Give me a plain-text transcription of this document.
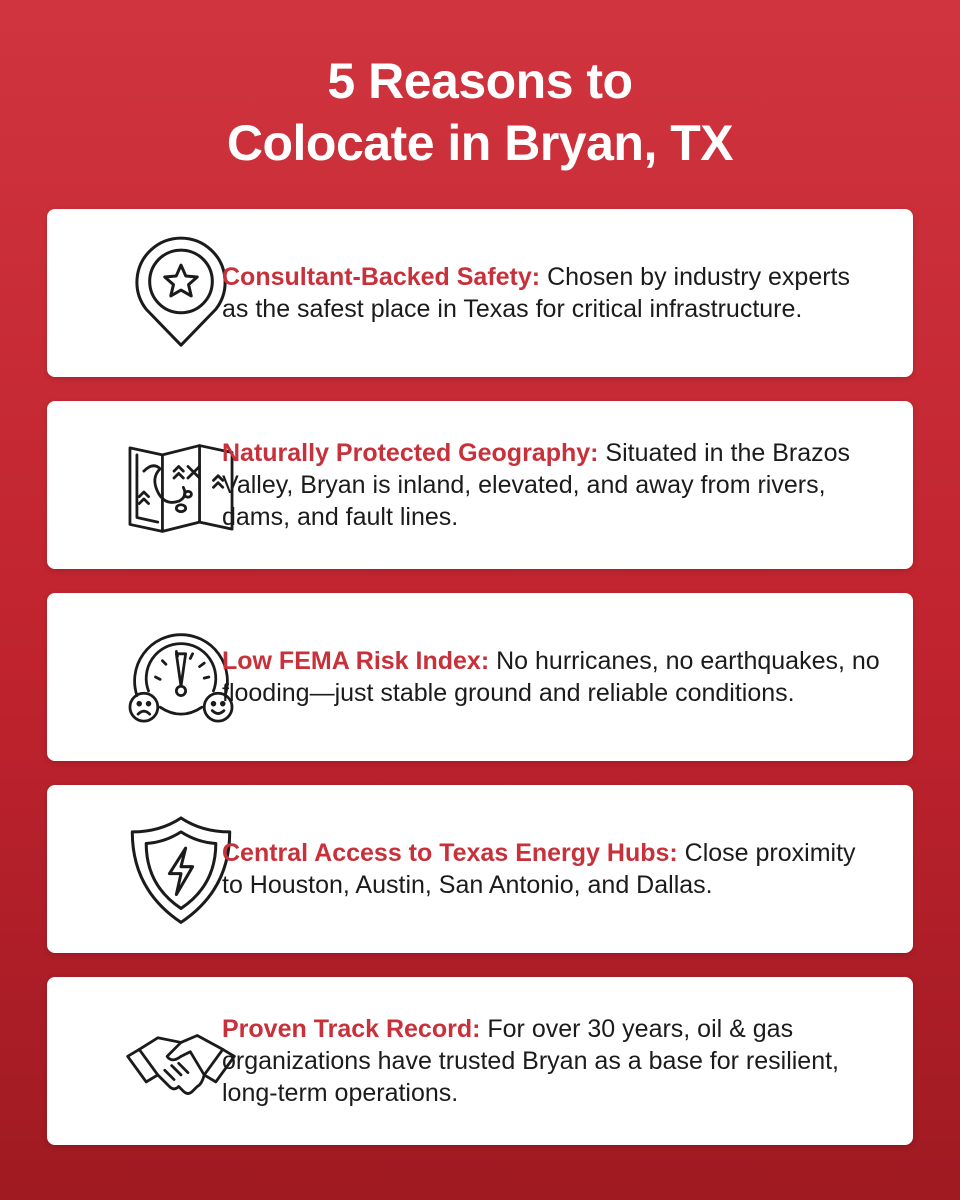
5 Reasons to
Colocate in Bryan, TX

Consultant-Backed Safety: Chosen by industry experts as the safest place in Texas for critical infrastructure.

Naturally Protected Geography: Situated in the Brazos Valley, Bryan is inland, elevated, and away from rivers, dams, and fault lines.

Low FEMA Risk Index: No hurricanes, no earthquakes, no flooding—just stable ground and reliable conditions.

Central Access to Texas Energy Hubs: Close proximity to Houston, Austin, San Antonio, and Dallas.

Proven Track Record: For over 30 years, oil & gas organizations have trusted Bryan as a base for resilient, long-term operations.
